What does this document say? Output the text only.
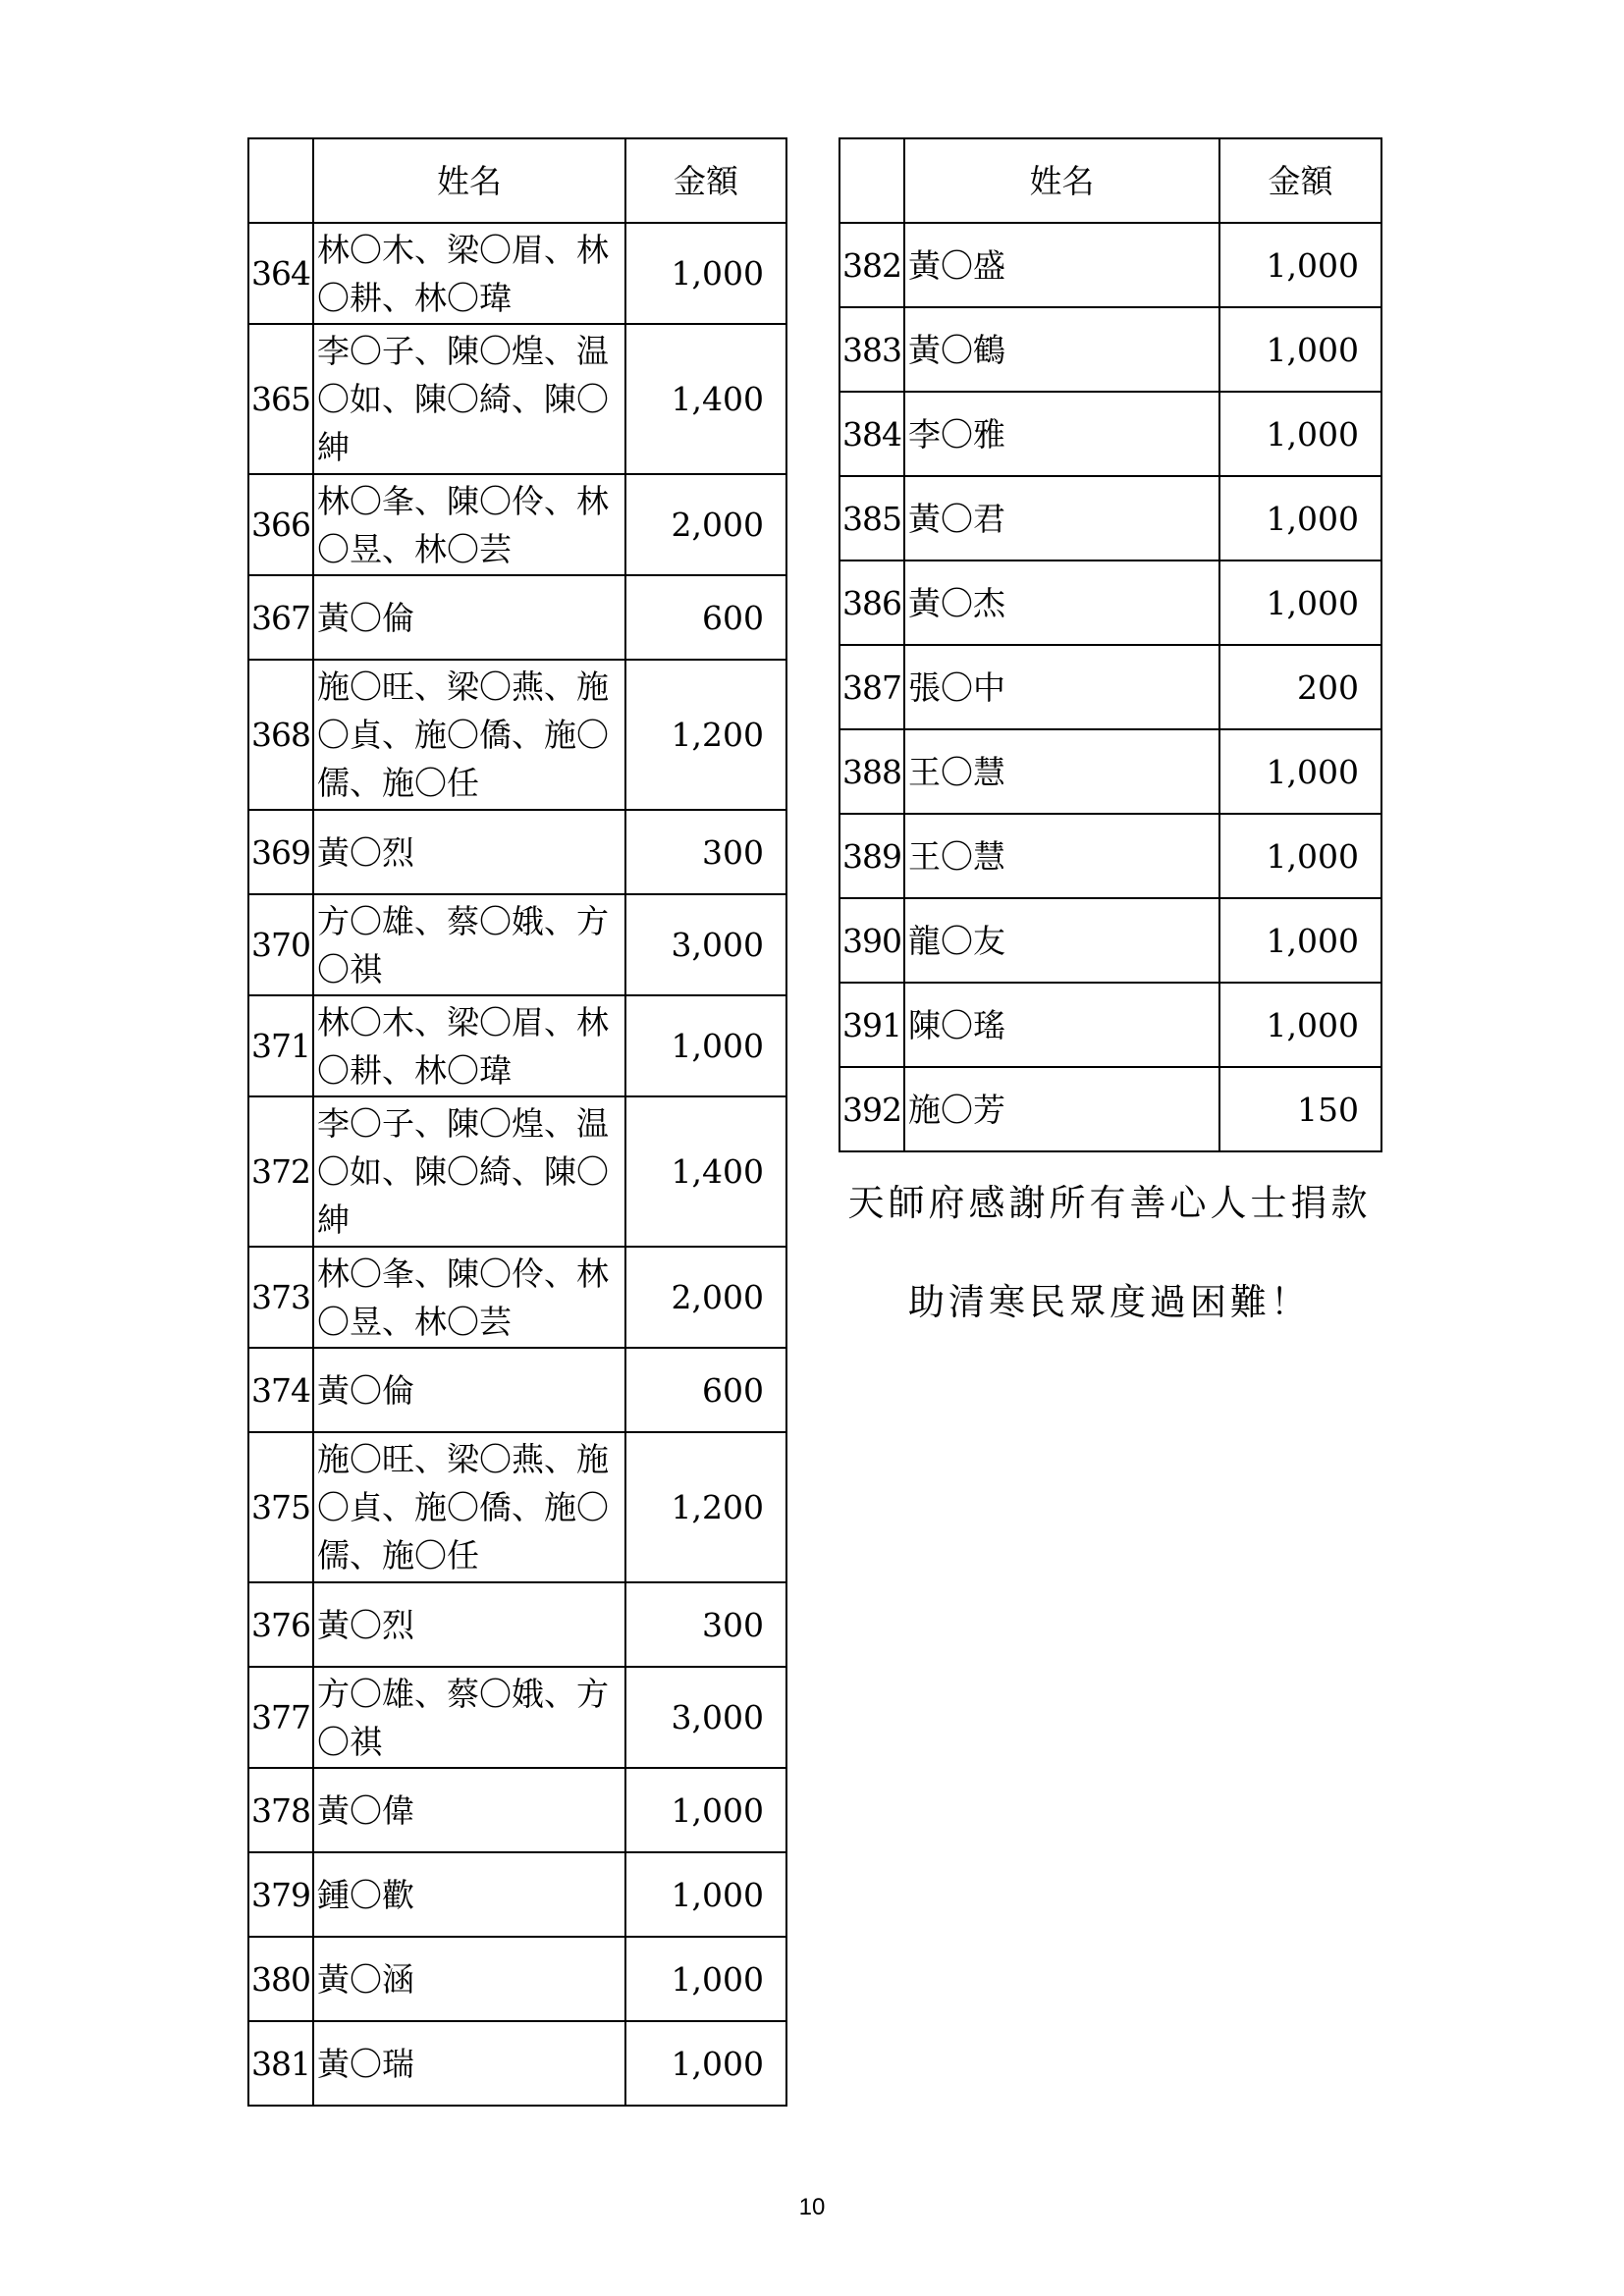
	姓名	金額
364	林〇木、梁〇眉、林〇耕、林〇瑋	1,000
365	李〇子、陳〇煌、温〇如、陳〇綺、陳〇紳	1,400
366	林〇夆、陳〇伶、林〇昱、林〇芸	2,000
367	黃〇倫	600
368	施〇旺、梁〇燕、施〇貞、施〇僑、施〇儒、施〇任	1,200
369	黃〇烈	300
370	方〇雄、蔡〇娥、方〇祺	3,000
371	林〇木、梁〇眉、林〇耕、林〇瑋	1,000
372	李〇子、陳〇煌、温〇如、陳〇綺、陳〇紳	1,400
373	林〇夆、陳〇伶、林〇昱、林〇芸	2,000
374	黃〇倫	600
375	施〇旺、梁〇燕、施〇貞、施〇僑、施〇儒、施〇任	1,200
376	黃〇烈	300
377	方〇雄、蔡〇娥、方〇祺	3,000
378	黃〇偉	1,000
379	鍾〇歡	1,000
380	黃〇涵	1,000
381	黃〇瑞	1,000
	姓名	金額
382	黃〇盛	1,000
383	黃〇鶴	1,000
384	李〇雅	1,000
385	黃〇君	1,000
386	黃〇杰	1,000
387	張〇中	200
388	王〇慧	1,000
389	王〇慧	1,000
390	龍〇友	1,000
391	陳〇瑤	1,000
392	施〇芳	150
天師府感謝所有善心人士捐款
助清寒民眾度過困難！
10
